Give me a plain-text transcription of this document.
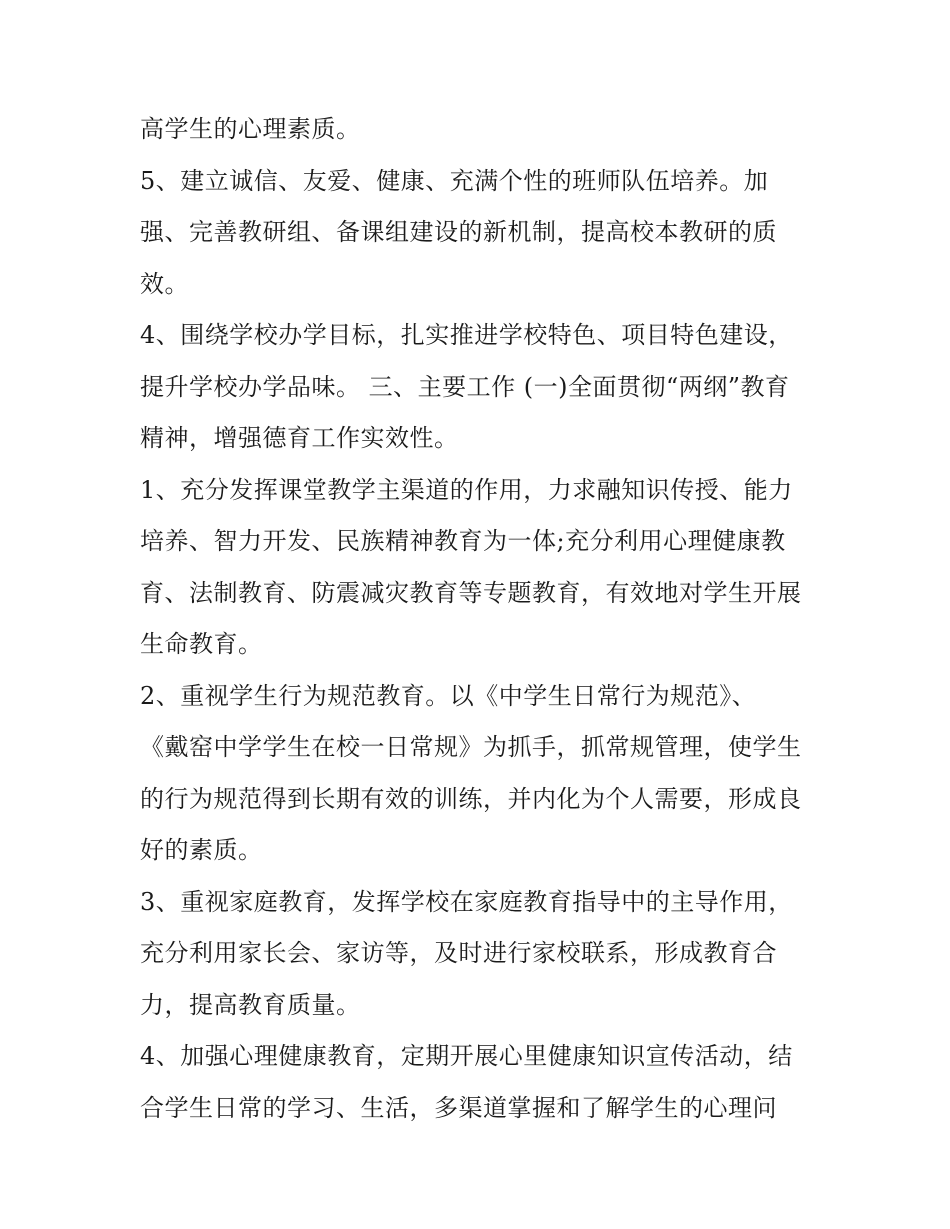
高学生的心理素质。
5、建立诚信、友爱、健康、充满个性的班师队伍培养。加
强、完善教研组、备课组建设的新机制，提高校本教研的质
效。
4、围绕学校办学目标，扎实推进学校特色、项目特色建设，
提升学校办学品味。 三、主要工作 (一)全面贯彻“两纲”教育
精神，增强德育工作实效性。
1、充分发挥课堂教学主渠道的作用，力求融知识传授、能力
培养、智力开发、民族精神教育为一体;充分利用心理健康教
育、法制教育、防震减灾教育等专题教育，有效地对学生开展
生命教育。
2、重视学生行为规范教育。以《中学生日常行为规范》、
《戴窑中学学生在校一日常规》为抓手，抓常规管理，使学生
的行为规范得到长期有效的训练，并内化为个人需要，形成良
好的素质。
3、重视家庭教育，发挥学校在家庭教育指导中的主导作用，
充分利用家长会、家访等，及时进行家校联系，形成教育合
力，提高教育质量。
4、加强心理健康教育，定期开展心里健康知识宣传活动，结
合学生日常的学习、生活，多渠道掌握和了解学生的心理问
